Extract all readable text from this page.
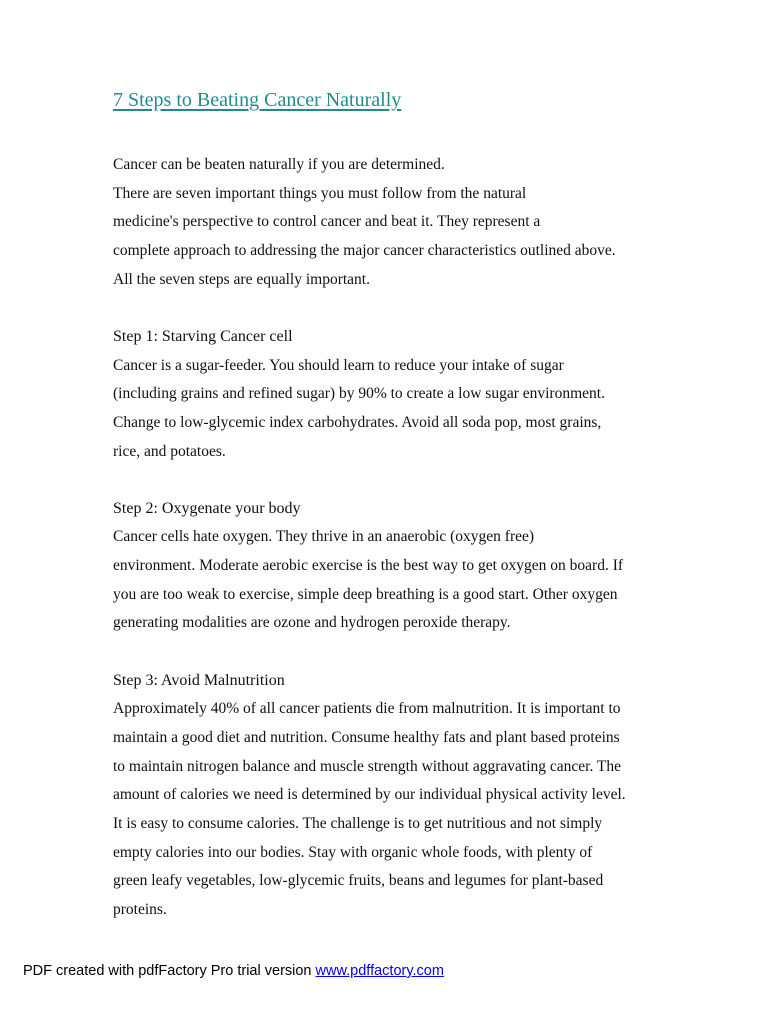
7 Steps to Beating Cancer Naturally

Cancer can be beaten naturally if you are determined.

There are seven important things you must follow from the natural

medicine's perspective to control cancer and beat it. They represent a

complete approach to addressing the major cancer characteristics outlined above.

All the seven steps are equally important.

Step 1: Starving Cancer cell

Cancer is a sugar-feeder. You should learn to reduce your intake of sugar

(including grains and refined sugar) by 90% to create a low sugar environment.

Change to low-glycemic index carbohydrates. Avoid all soda pop, most grains,

rice, and potatoes.

Step 2: Oxygenate your body

Cancer cells hate oxygen. They thrive in an anaerobic (oxygen free)

environment. Moderate aerobic exercise is the best way to get oxygen on board. If

you are too weak to exercise, simple deep breathing is a good start. Other oxygen

generating modalities are ozone and hydrogen peroxide therapy.

Step 3: Avoid Malnutrition

Approximately 40% of all cancer patients die from malnutrition. It is important to

maintain a good diet and nutrition. Consume healthy fats and plant based proteins

to maintain nitrogen balance and muscle strength without aggravating cancer. The

amount of calories we need is determined by our individual physical activity level.

It is easy to consume calories. The challenge is to get nutritious and not simply

empty calories into our bodies. Stay with organic whole foods, with plenty of

green leafy vegetables, low-glycemic fruits, beans and legumes for plant-based

proteins.

PDF created with pdfFactory Pro trial version www.pdffactory.com
